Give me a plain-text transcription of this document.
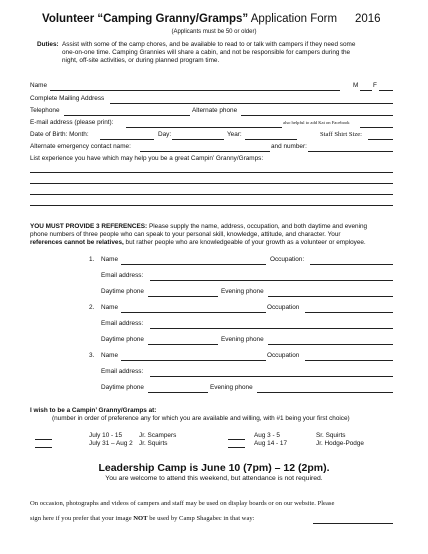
Volunteer “Camping Granny/Gramps” Application Form 2016
(Applicants must be 50 or older)
Duties: Assist with some of the camp chores, and be available to read to or talk with campers if they need some
one-on-one time. Camping Grannies will share a cabin, and not be responsible for campers during the
night, off-site activities, or during planned program time.
Name	M F
Complete Mailing Address
Telephone	Alternate phone
E-mail address (please print):	also helpful to add Kat on Facebook
Date of Birth: Month:	Day:	Year:	Staff Shirt Size:
Alternate emergency contact name:	and number:
List experience you have which may help you be a great Campin’ Granny/Gramps:
YOU MUST PROVIDE 3 REFERENCES: Please supply the name, address, occupation, and both daytime and evening
phone numbers of three people who can speak to your personal skill, knowledge, attitude, and character. Your
references cannot be relatives, but rather people who are knowledgeable of your growth as a volunteer or employee.
1. Name	Occupation:
Email address:
Daytime phone	Evening phone
2. Name	Occupation
Email address:
Daytime phone	Evening phone
3. Name	Occupation
Email address:
Daytime phone	Evening phone
I wish to be a Campin’ Granny/Gramps at:
(number in order of preference any for which you are available and willing, with #1 being your first choice)
July 10 - 15	Jr. Scampers	Aug 3 - 5	Sr. Squirts
July 31 – Aug 2 Jr. Squirts	Aug 14 - 17	Jr. Hodge-Podge
Leadership Camp is June 10 (7pm) – 12 (2pm).
You are welcome to attend this weekend, but attendance is not required.
On occasion, photographs and videos of campers and staff may be used on display boards or on our website. Please
sign here if you prefer that your image NOT be used by Camp Shagabec in that way:
